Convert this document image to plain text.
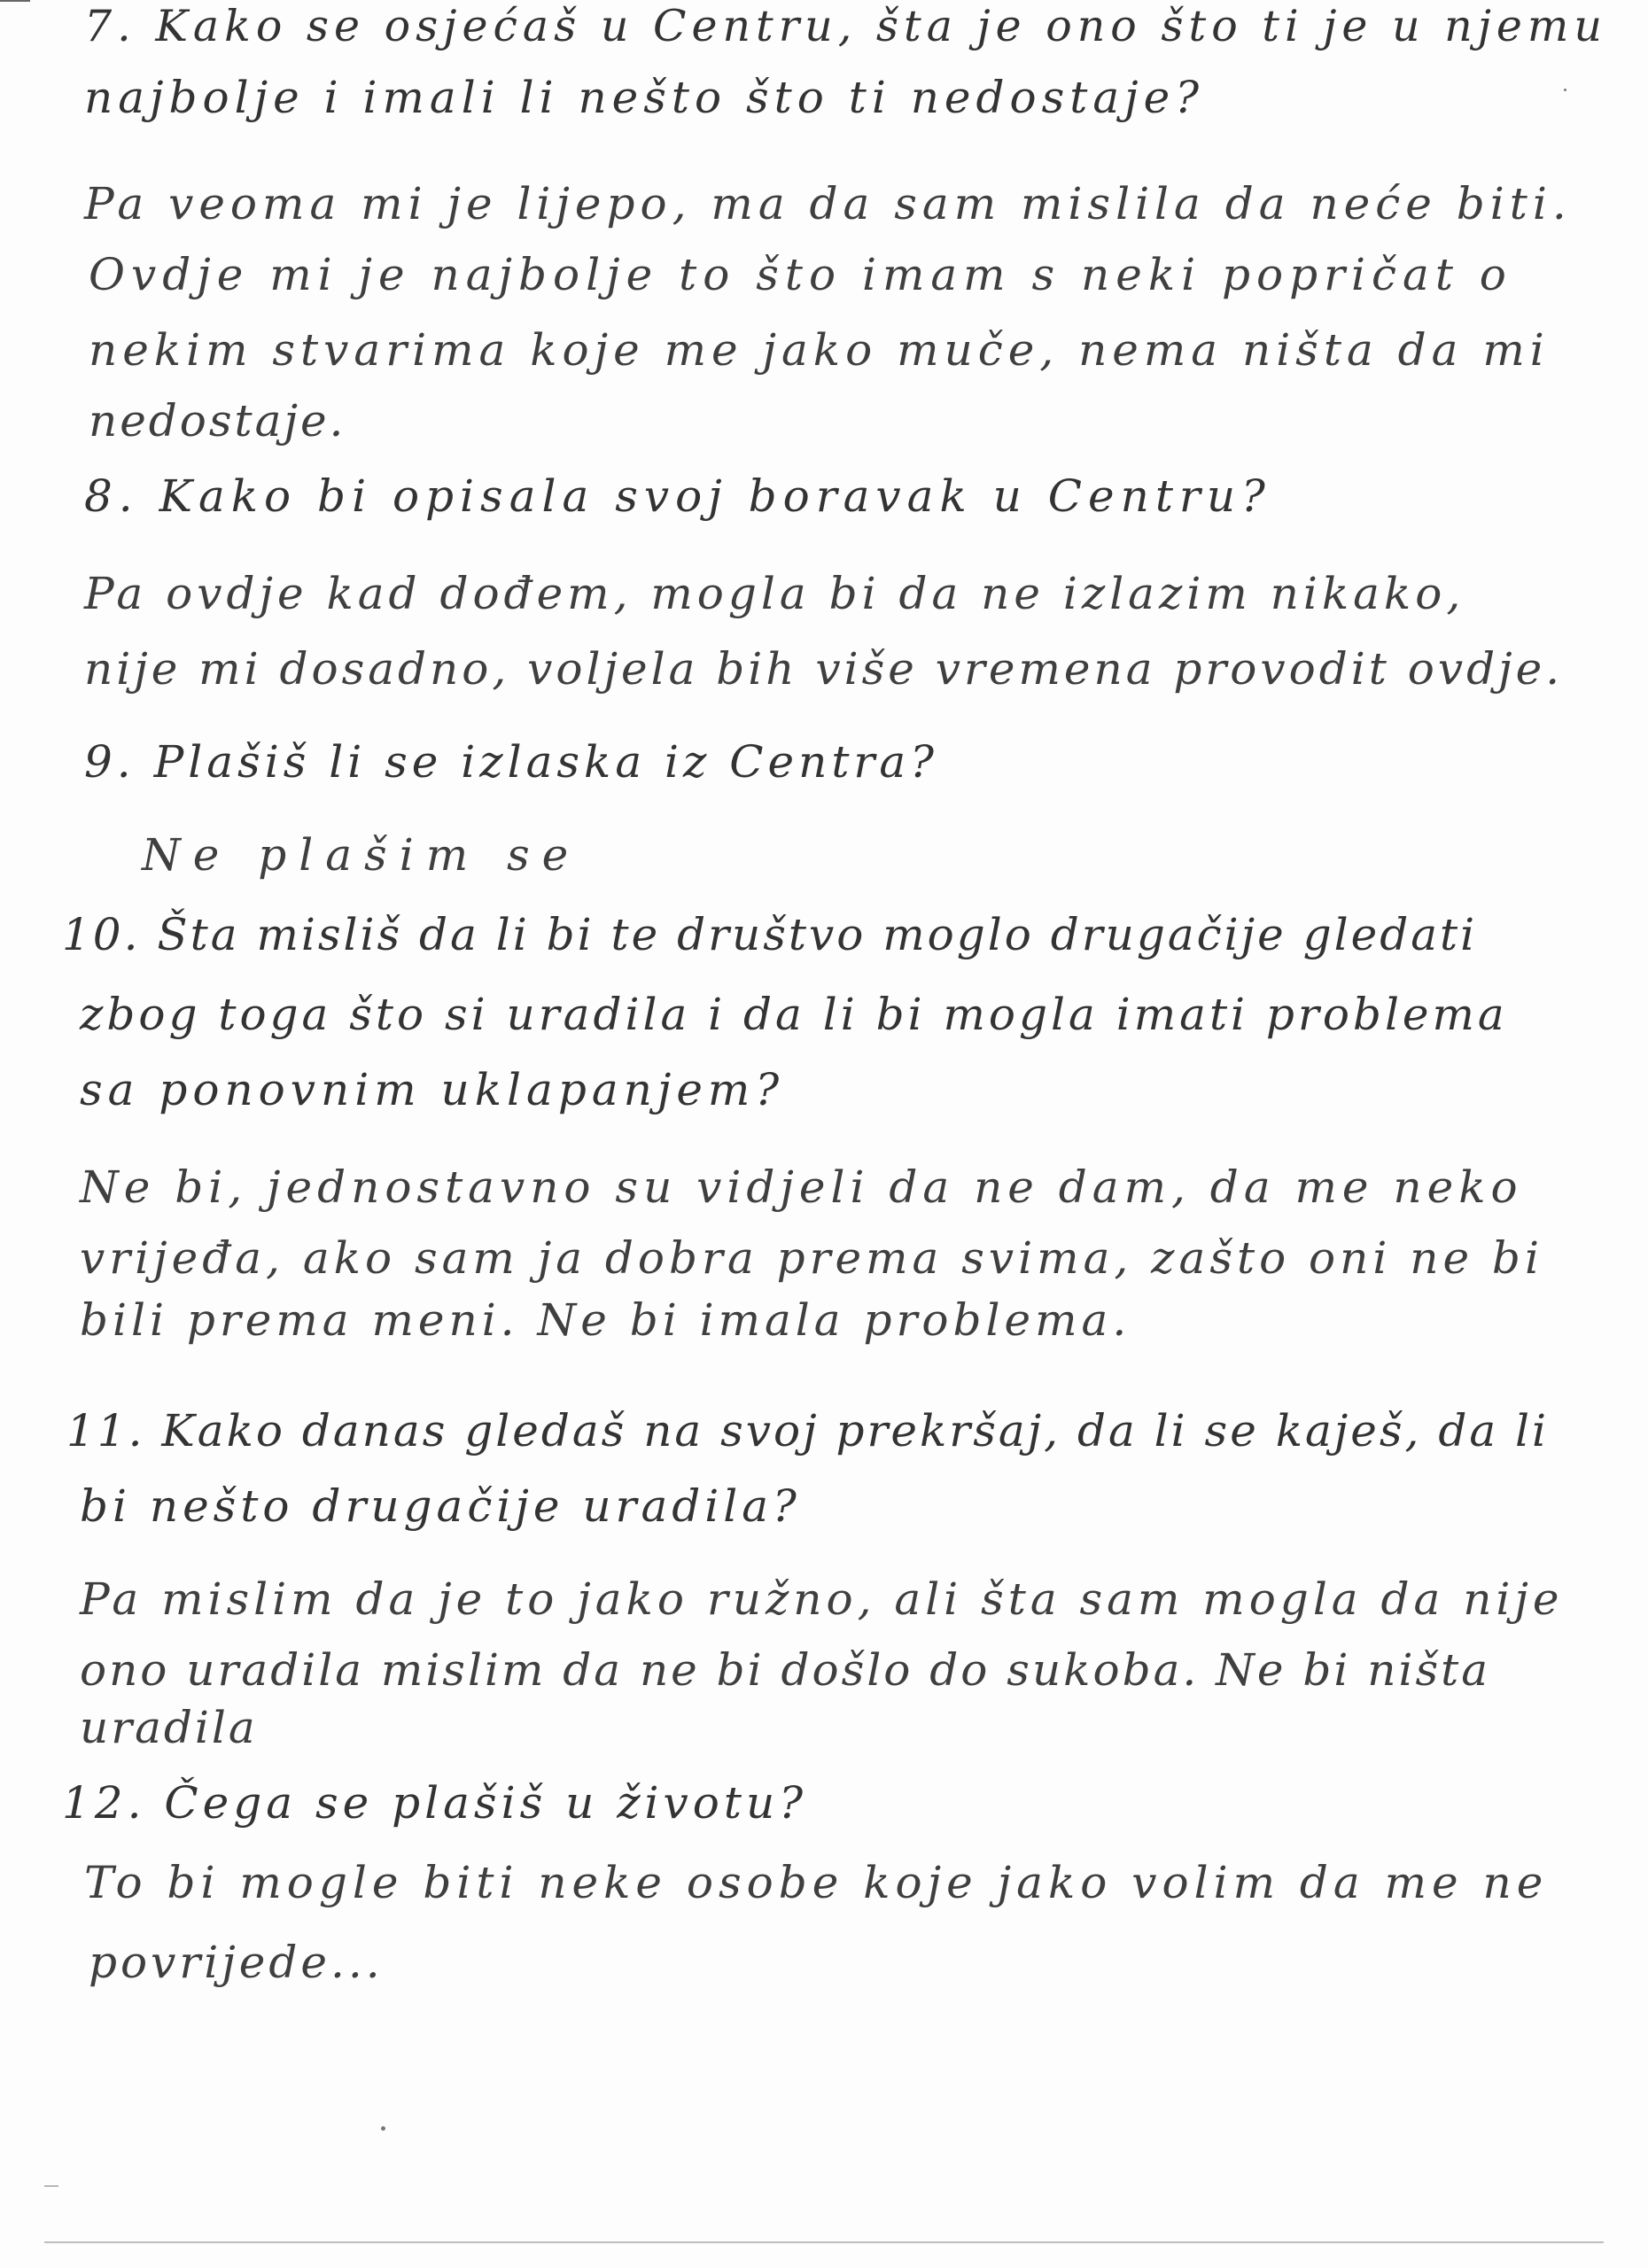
7. Kako se osjećaš u Centru, šta je ono što ti je u njemu
najbolje i imali li nešto što ti nedostaje?
Pa veoma mi je lijepo, ma da sam mislila da neće biti.
Ovdje mi je najbolje to što imam s neki popričat o
nekim stvarima koje me jako muče, nema ništa da mi
nedostaje.
8. Kako bi opisala svoj boravak u Centru?
Pa ovdje kad dođem, mogla bi da ne izlazim nikako,
nije mi dosadno, voljela bih više vremena provodit ovdje.
9. Plašiš li se izlaska iz Centra?
Ne plašim se
10. Šta misliš da li bi te društvo moglo drugačije gledati
zbog toga što si uradila i da li bi mogla imati problema
sa ponovnim uklapanjem?
Ne bi, jednostavno su vidjeli da ne dam, da me neko
vrijeđa, ako sam ja dobra prema svima, zašto oni ne bi
bili prema meni. Ne bi imala problema.
11. Kako danas gledaš na svoj prekršaj, da li se kaješ, da li
bi nešto drugačije uradila?
Pa mislim da je to jako ružno, ali šta sam mogla da nije
ono uradila mislim da ne bi došlo do sukoba. Ne bi ništa
uradila
12. Čega se plašiš u životu?
To bi mogle biti neke osobe koje jako volim da me ne
povrijede...
